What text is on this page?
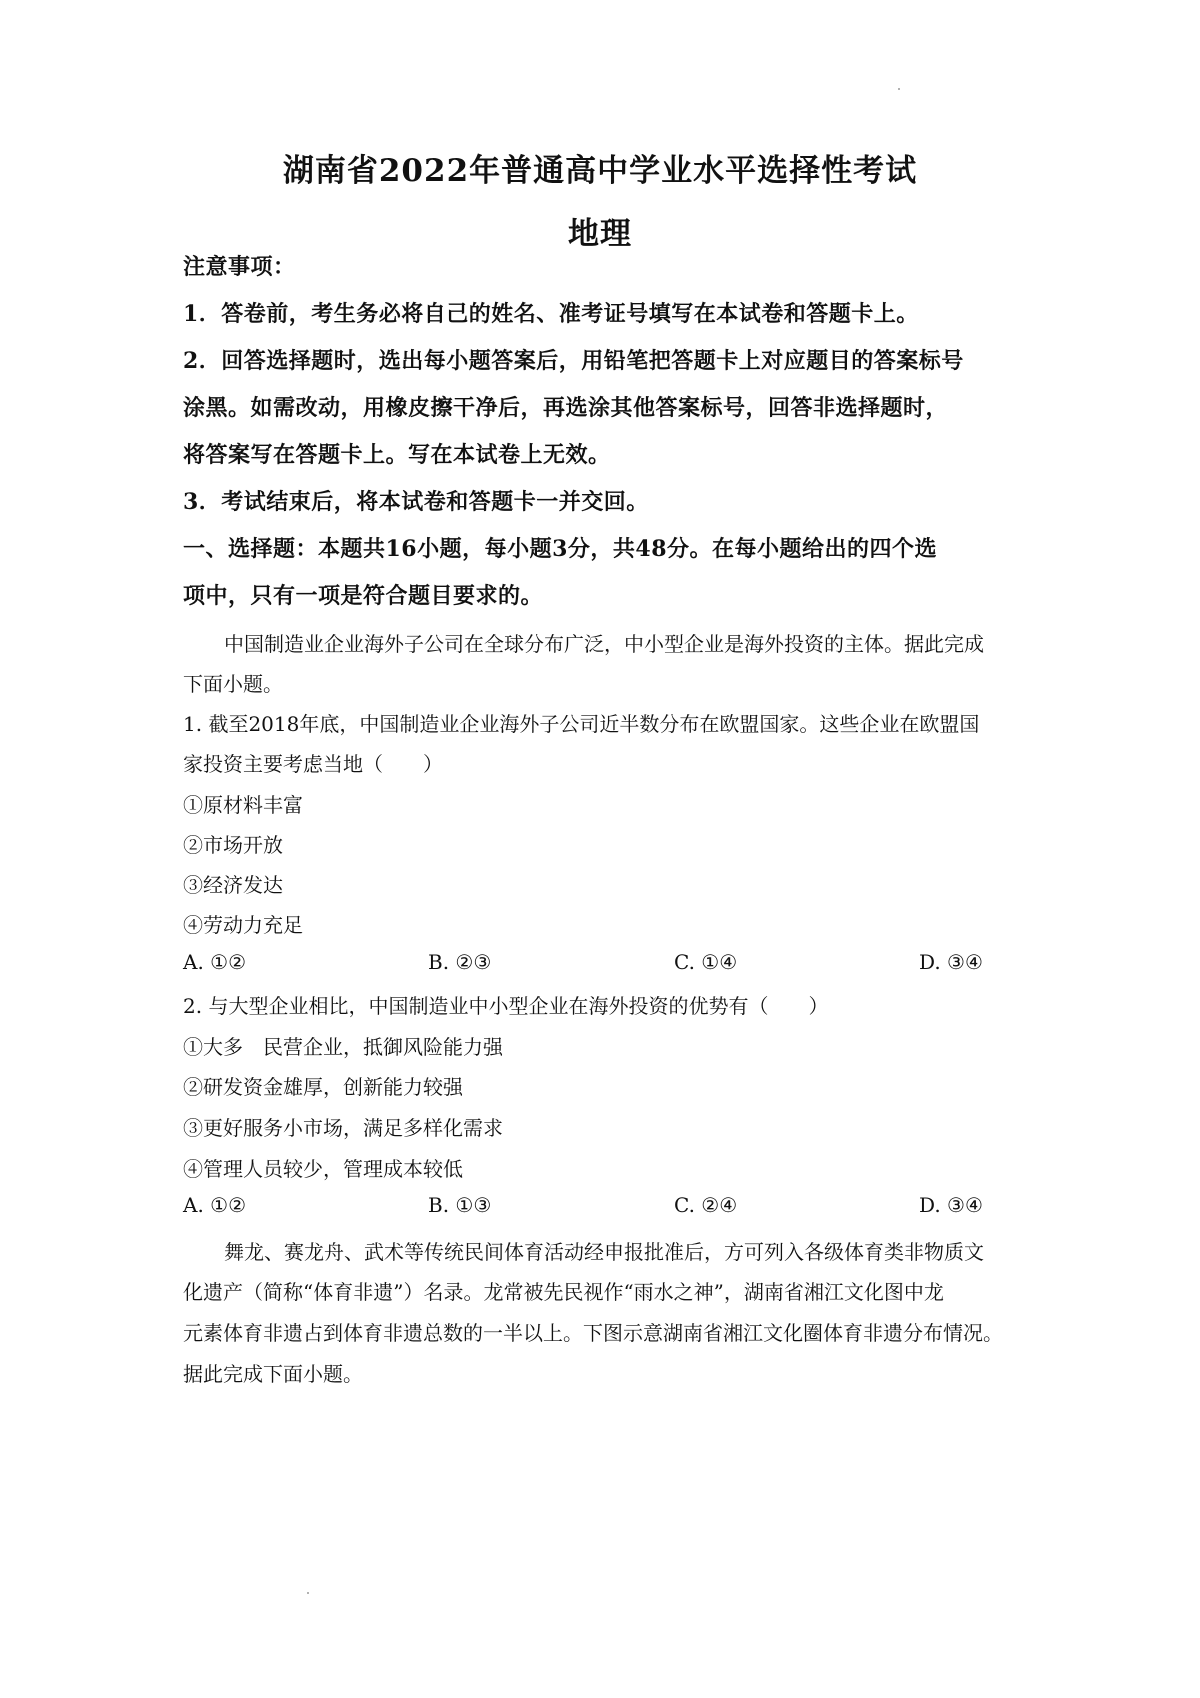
湖南省2022年普通高中学业水平选择性考试
地理

注意事项：

1．答卷前，考生务必将自己的姓名、准考证号填写在本试卷和答题卡上。

2．回答选择题时，选出每小题答案后，用铅笔把答题卡上对应题目的答案标号

涂黑。如需改动，用橡皮擦干净后，再选涂其他答案标号，回答非选择题时，

将答案写在答题卡上。写在本试卷上无效。

3．考试结束后，将本试卷和答题卡一并交回。

一、选择题：本题共16小题，每小题3分，共48分。在每小题给出的四个选

项中，只有一项是符合题目要求的。

中国制造业企业海外子公司在全球分布广泛，中小型企业是海外投资的主体。据此完成

下面小题。

1. 截至2018年底，中国制造业企业海外子公司近半数分布在欧盟国家。这些企业在欧盟国

家投资主要考虑当地（　　）

①原材料丰富

②市场开放

③经济发达

④劳动力充足

A. ①②	B. ②③	C. ①④	D. ③④

2. 与大型企业相比，中国制造业中小型企业在海外投资的优势有（　　）

①大多　民营企业，抵御风险能力强

②研发资金雄厚，创新能力较强

③更好服务小市场，满足多样化需求

④管理人员较少，管理成本较低

A. ①②	B. ①③	C. ②④	D. ③④

舞龙、赛龙舟、武术等传统民间体育活动经申报批准后，方可列入各级体育类非物质文

化遗产（简称“体育非遗”）名录。龙常被先民视作“雨水之神”，湖南省湘江文化图中龙

元素体育非遗占到体育非遗总数的一半以上。下图示意湖南省湘江文化圈体育非遗分布情况。

据此完成下面小题。
